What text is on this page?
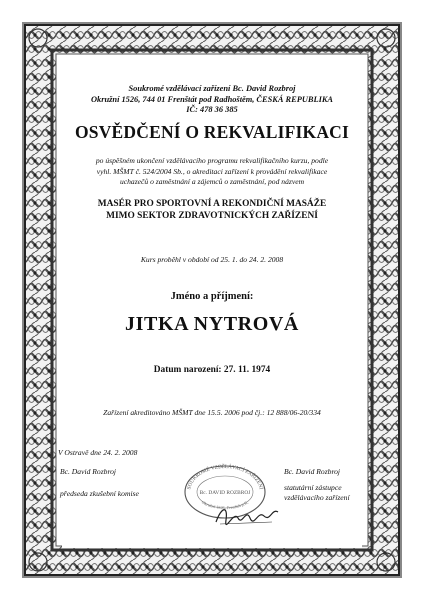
Soukromé vzdělávací zařízení Bc. David Rozbroj
Okružní 1526, 744 01 Frenštát pod Radhoštěm, ČESKÁ REPUBLIKA
IČ: 478 36 385
OSVĚDČENÍ O REKVALIFIKACI
po úspěšném ukončení vzdělávacího programu rekvalifikačního kurzu, podle
vyhl. MŠMT č. 524/2004 Sb., o akreditaci zařízení k provádění rekvalifikace
uchazečů o zaměstnání a zájemců o zaměstnání, pod názvem
MASÉR PRO SPORTOVNÍ A REKONDIČNÍ MASÁŽE
MIMO SEKTOR ZDRAVOTNICKÝCH ZAŘÍZENÍ
Kurs proběhl v období od 25. 1. do 24. 2. 2008
Jméno a příjmení:
JITKA NYTROVÁ
Datum narození: 27. 11. 1974
Zařízení akreditováno MŠMT dne 15.5. 2006 pod čj.: 12 888/06-20/334
V Ostravě dne 24. 2. 2008
Bc. David Rozbroj
předseda zkušební komise
Bc. David Rozbroj
statutární zástupce
vzdělávacího zařízení
SOUKROMÉ VZDĚLÁVACÍ ZAŘÍZENÍ
Bc. DAVID ROZBROJ
Okružní 1526, Frenštát p.R.
